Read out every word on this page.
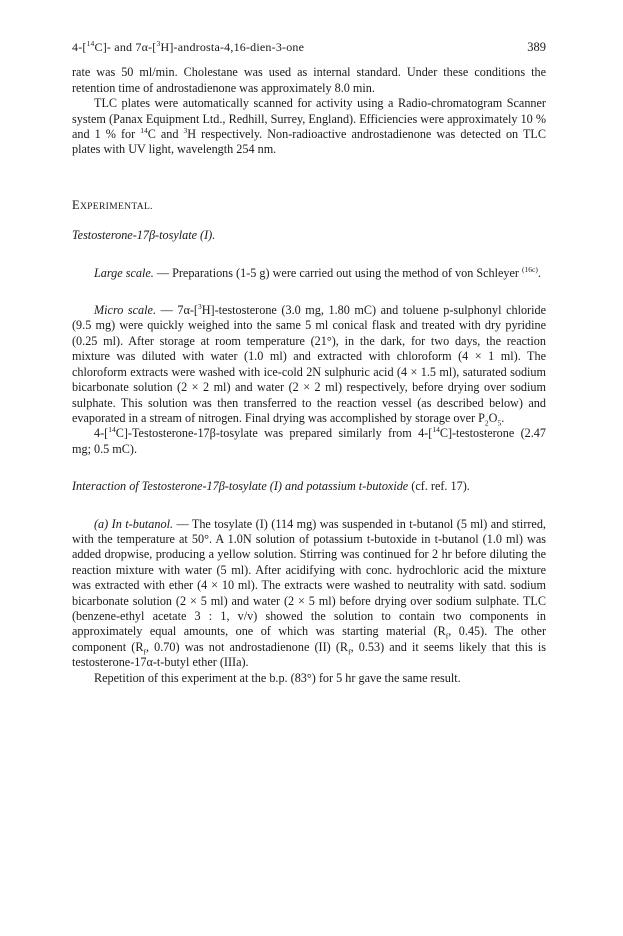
4-[$^{14}$C]- and 7α-[$^3$H]-androsta-4,16-dien-3-one	389

rate was 50 ml/min. Cholestane was used as internal standard. Under these conditions the retention time of androstadienone was approximately 8.0 min.

TLC plates were automatically scanned for activity using a Radio-chromatogram Scanner system (Panax Equipment Ltd., Redhill, Surrey, England). Efficiencies were approximately 10 % and 1 % for $^{14}$C and $^3$H respectively. Non-radioactive androstadienone was detected on TLC plates with UV light, wavelength 254 nm.

EXPERIMENTAL.

Testosterone-17β-tosylate (I).

Large scale. — Preparations (1-5 g) were carried out using the method of von Schleyer $^{(16c)}$.

Micro scale. — 7α-[$^3$H]-testosterone (3.0 mg, 1.80 mC) and toluene p-sulphonyl chloride (9.5 mg) were quickly weighed into the same 5 ml conical flask and treated with dry pyridine (0.25 ml). After storage at room temperature (21°), in the dark, for two days, the reaction mixture was diluted with water (1.0 ml) and extracted with chloroform (4 × 1 ml). The chloroform extracts were washed with ice-cold 2N sulphuric acid (4 × 1.5 ml), saturated sodium bicarbonate solution (2 × 2 ml) and water (2 × 2 ml) respectively, before drying over sodium sulphate. This solution was then transferred to the reaction vessel (as described below) and evaporated in a stream of nitrogen. Final drying was accomplished by storage over $P_2O_5$.

4-[$^{14}$C]-Testosterone-17β-tosylate was prepared similarly from 4-[$^{14}$C]-testosterone (2.47 mg; 0.5 mC).

Interaction of Testosterone-17β-tosylate (I) and potassium t-butoxide (cf. ref. 17).

(a) In t-butanol. — The tosylate (I) (114 mg) was suspended in t-butanol (5 ml) and stirred, with the temperature at 50°. A 1.0N solution of potassium t-butoxide in t-butanol (1.0 ml) was added dropwise, producing a yellow solution. Stirring was continued for 2 hr before diluting the reaction mixture with water (5 ml). After acidifying with conc. hydrochloric acid the mixture was extracted with ether (4 × 10 ml). The extracts were washed to neutrality with satd. sodium bicarbonate solution (2 × 5 ml) and water (2 × 5 ml) before drying over sodium sulphate. TLC (benzene-ethyl acetate 3 : 1, v/v) showed the solution to contain two components in approximately equal amounts, one of which was starting material ($R_f$, 0.45). The other component ($R_f$, 0.70) was not androstadienone (II) ($R_f$, 0.53) and it seems likely that this is testosterone-17α-t-butyl ether (IIIa).

Repetition of this experiment at the b.p. (83°) for 5 hr gave the same result.
